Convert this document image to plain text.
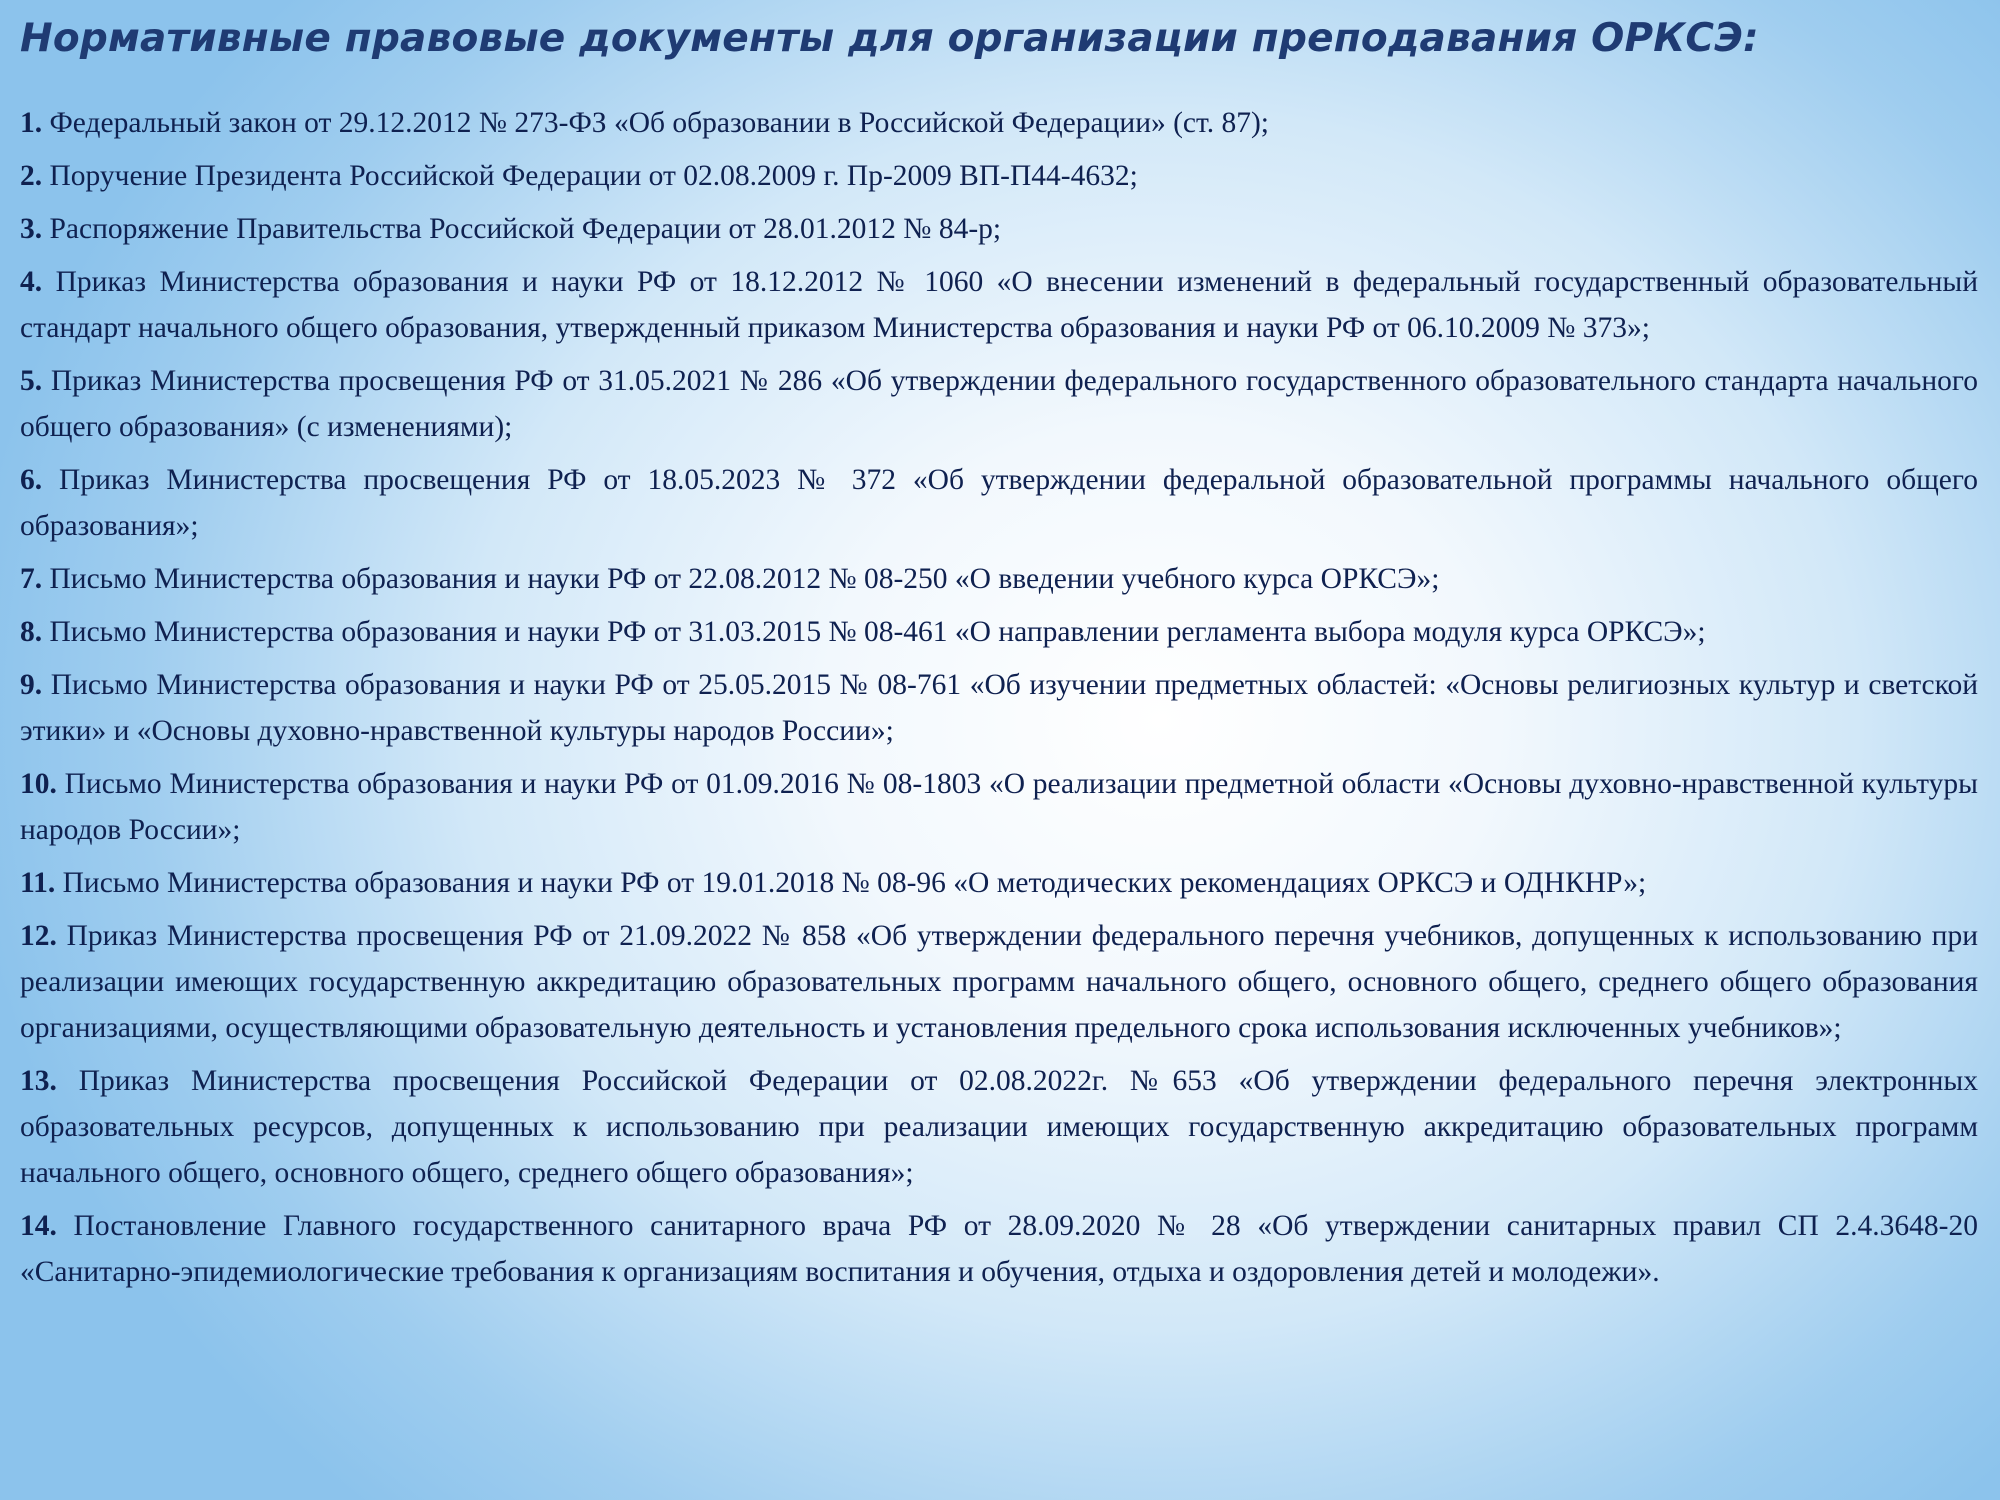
Нормативные правовые документы для организации преподавания ОРКСЭ:
1. Федеральный закон от 29.12.2012 № 273-ФЗ «Об образовании в Российской Федерации» (ст. 87);
2. Поручение Президента Российской Федерации от 02.08.2009 г. Пр-2009 ВП-П44-4632;
3. Распоряжение Правительства Российской Федерации от 28.01.2012 № 84-р;
4. Приказ Министерства образования и науки РФ от 18.12.2012 № 1060 «О внесении изменений в федеральный государственный образовательный стандарт начального общего образования, утвержденный приказом Министерства образования и науки РФ от 06.10.2009 № 373»;
5. Приказ Министерства просвещения РФ от 31.05.2021 № 286 «Об утверждении федерального государственного образовательного стандарта начального общего образования» (с изменениями);
6. Приказ Министерства просвещения РФ от 18.05.2023 № 372 «Об утверждении федеральной образовательной программы начального общего образования»;
7. Письмо Министерства образования и науки РФ от 22.08.2012 № 08-250 «О введении учебного курса ОРКСЭ»;
8. Письмо Министерства образования и науки РФ от 31.03.2015 № 08-461 «О направлении регламента выбора модуля курса ОРКСЭ»;
9. Письмо Министерства образования и науки РФ от 25.05.2015 № 08-761 «Об изучении предметных областей: «Основы религиозных культур и светской этики» и «Основы духовно-нравственной культуры народов России»;
10. Письмо Министерства образования и науки РФ от 01.09.2016 № 08-1803 «О реализации предметной области «Основы духовно-нравственной культуры народов России»;
11. Письмо Министерства образования и науки РФ от 19.01.2018 № 08-96 «О методических рекомендациях ОРКСЭ и ОДНКНР»;
12. Приказ Министерства просвещения РФ от 21.09.2022 № 858 «Об утверждении федерального перечня учебников, допущенных к использованию при реализации имеющих государственную аккредитацию образовательных программ начального общего, основного общего, среднего общего образования организациями, осуществляющими образовательную деятельность и установления предельного срока использования исключенных учебников»;
13. Приказ Министерства просвещения Российской Федерации от 02.08.2022г. №653 «Об утверждении федерального перечня электронных образовательных ресурсов, допущенных к использованию при реализации имеющих государственную аккредитацию образовательных программ начального общего, основного общего, среднего общего образования»;
14. Постановление Главного государственного санитарного врача РФ от 28.09.2020 № 28 «Об утверждении санитарных правил СП 2.4.3648-20 «Санитарно-эпидемиологические требования к организациям воспитания и обучения, отдыха и оздоровления детей и молодежи».
